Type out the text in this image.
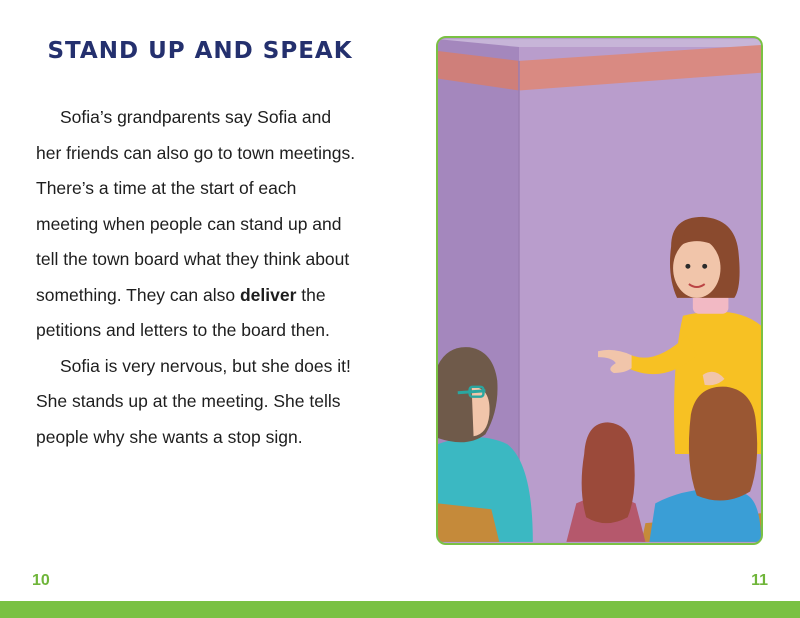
STAND UP AND SPEAK
Sofia’s grandparents say Sofia and
her friends can also go to town meetings.
There’s a time at the start of each
meeting when people can stand up and
tell the town board what they think about
something. They can also deliver the
petitions and letters to the board then.
Sofia is very nervous, but she does it!
She stands up at the meeting. She tells
people why she wants a stop sign.
10	11
